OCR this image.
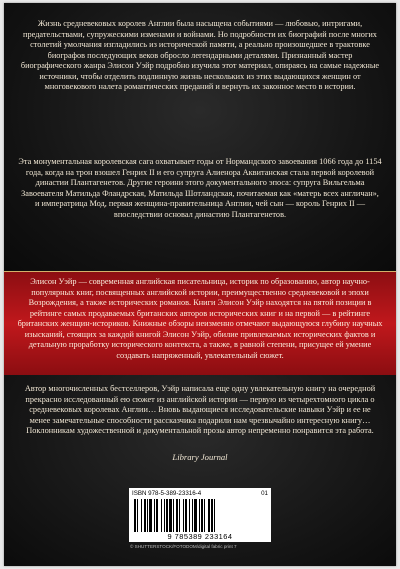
Жизнь средневековых королев Англии была насыщена событиями — любовью, интригами, предательствами, супружескими изменами и войнами. Но подробности их биографий после многих столетий умолчания изгладились из исторической памяти, а реально произошедшее в трактовке биографов последующих веков обросло легендарными деталями. Признанный мастер биографического жанра Элисон Уэйр подробно изучила этот материал, опираясь на самые надежные источники, чтобы отделить подлинную жизнь нескольких из этих выдающихся женщин от многовекового налета романтических преданий и вернуть их законное место в истории.

Эта монументальная королевская сага охватывает годы от Нормандского завоевания 1066 года до 1154 года, когда на трон взошел Генрих II и его супруга Алиенора Аквитанская стала первой королевой династии Плантагенетов. Другие героини этого документального эпоса: супруга Вильгельма Завоевателя Матильда Фландрская, Матильда Шотландская, почитаемая как «матерь всех англичан», и императрица Мод, первая женщина-правительница Англии, чей сын — король Генрих II — впоследствии основал династию Плантагенетов.

Элисон Уэйр — современная английская писательница, историк по образованию, автор научно-популярных книг, посвященных английской истории, преимущественно средневековой и эпохи Возрождения, а также исторических романов. Книги Элисон Уэйр находятся на пятой позиции в рейтинге самых продаваемых британских авторов исторических книг и на первой — в рейтинге британских женщин-историков. Книжные обзоры неизменно отмечают выдающуюся глубину научных изысканий, стоящих за каждой книгой Элисон Уэйр, обилие привлекаемых исторических фактов и детальную проработку исторического контекста, а также, в равной степени, присущее ей умение создавать напряженный, увлекательный сюжет.

Автор многочисленных бестселлеров, Уэйр написала еще одну увлекательную книгу на очередной прекрасно исследованный ею сюжет из английской истории — первую из четырехтомного цикла о средневековых королевах Англии… Вновь выдающиеся исследовательские навыки Уэйр и ее не менее замечательные способности рассказчика подарили нам чрезвычайно интересную книгу… Поклонникам художественной и документальной прозы автор непременно понравится эта работа.

Library Journal

ISBN 978-5-389-23316-4	01
9 785389 233164

© SHUTTERSTOCK/FOTODOM/digital fabric print 7
